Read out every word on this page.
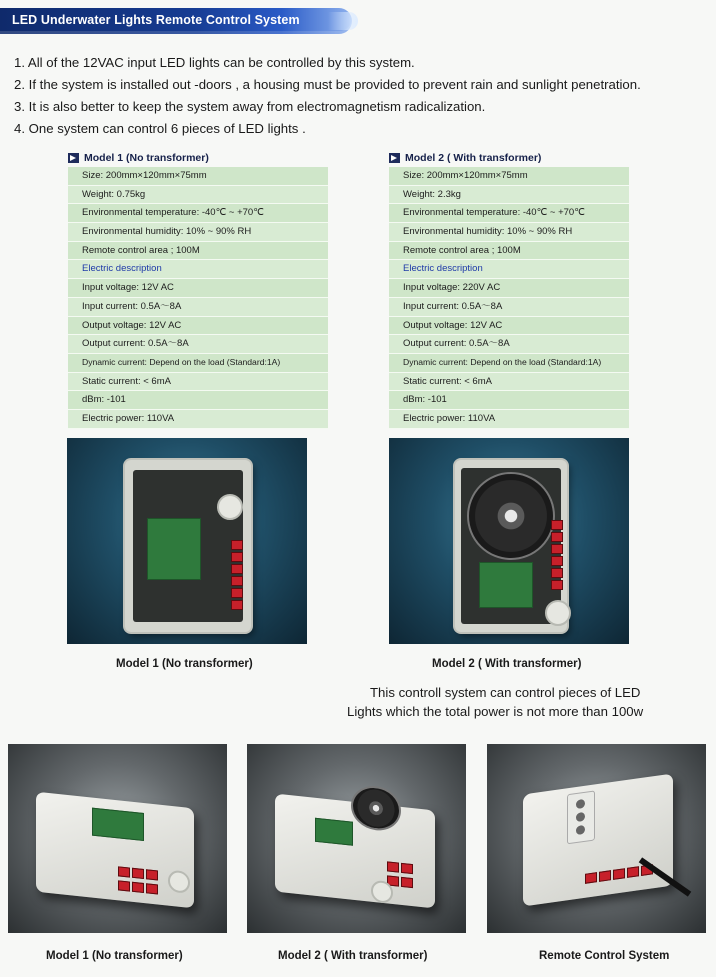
LED Underwater Lights Remote Control System
1. All of the 12VAC input LED lights can be controlled by this system.
2. If the system is installed out -doors , a housing must be provided to prevent rain and sunlight penetration.
3. It is also better to keep the system away from electromagnetism radicalization.
4. One system can control 6 pieces of LED lights .
Model 1 (No transformer)
Size: 200mm×120mm×75mm
Weight: 0.75kg
Environmental temperature: -40℃ ~ +70℃
Environmental humidity: 10% ~ 90% RH
Remote control area ; 100M
Electric description
Input voltage: 12V AC
Input current: 0.5A～8A
Output voltage: 12V AC
Output current: 0.5A～8A
Dynamic current: Depend on the load (Standard:1A)
Static current: < 6mA
dBm: -101
Electric power: 110VA
Model 2 ( With transformer)
Size: 200mm×120mm×75mm
Weight: 2.3kg
Environmental temperature: -40℃ ~ +70℃
Environmental humidity: 10% ~ 90% RH
Remote control area ; 100M
Electric description
Input voltage: 220V AC
Input current: 0.5A～8A
Output voltage: 12V AC
Output current: 0.5A～8A
Dynamic current: Depend on the load (Standard:1A)
Static current: < 6mA
dBm: -101
Electric power: 110VA
Model 1 (No transformer)	Model 2 ( With transformer)
This controll system can control pieces of LED
Lights which the total power is not more than 100w
Model 1 (No transformer)	Model 2 ( With transformer)	Remote Control System
